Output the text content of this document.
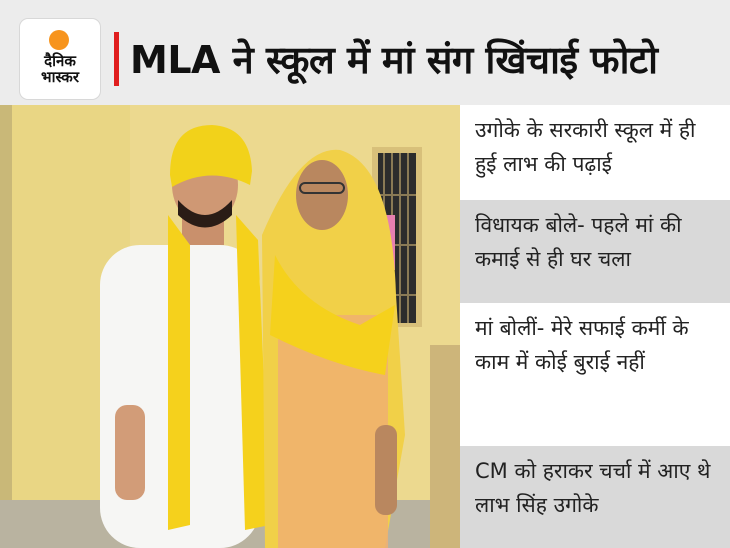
दैनिक
भास्कर	MLA ने स्कूल में मां संग खिंचाई फोटो
उगोके के सरकारी स्कूल में ही हुई लाभ की पढ़ाई
विधायक बोले- पहले मां की कमाई से ही घर चला
मां बोलीं- मेरे सफाई कर्मी के काम में कोई बुराई नहीं
CM को हराकर चर्चा में आए थे लाभ सिंह उगोके
